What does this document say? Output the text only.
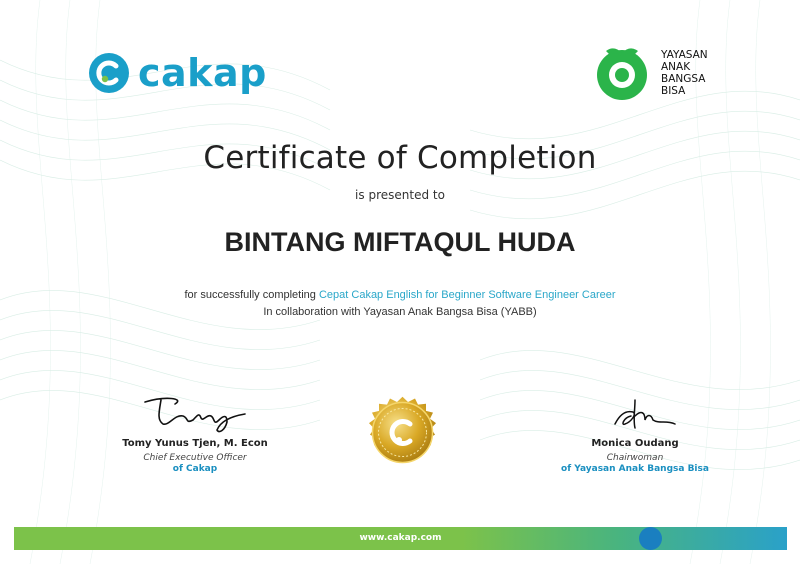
cakap	YAYASAN
ANAK
BANGSA
BISA
Certificate of Completion
is presented to
BINTANG MIFTAQUL HUDA
for successfully completing Cepat Cakap English for Beginner Software Engineer Career
In collaboration with Yayasan Anak Bangsa Bisa (YABB)
Tomy Yunus Tjen, M. Econ
Chief Executive Officer
of Cakap
Monica Oudang
Chairwoman
of Yayasan Anak Bangsa Bisa
www.cakap.com
